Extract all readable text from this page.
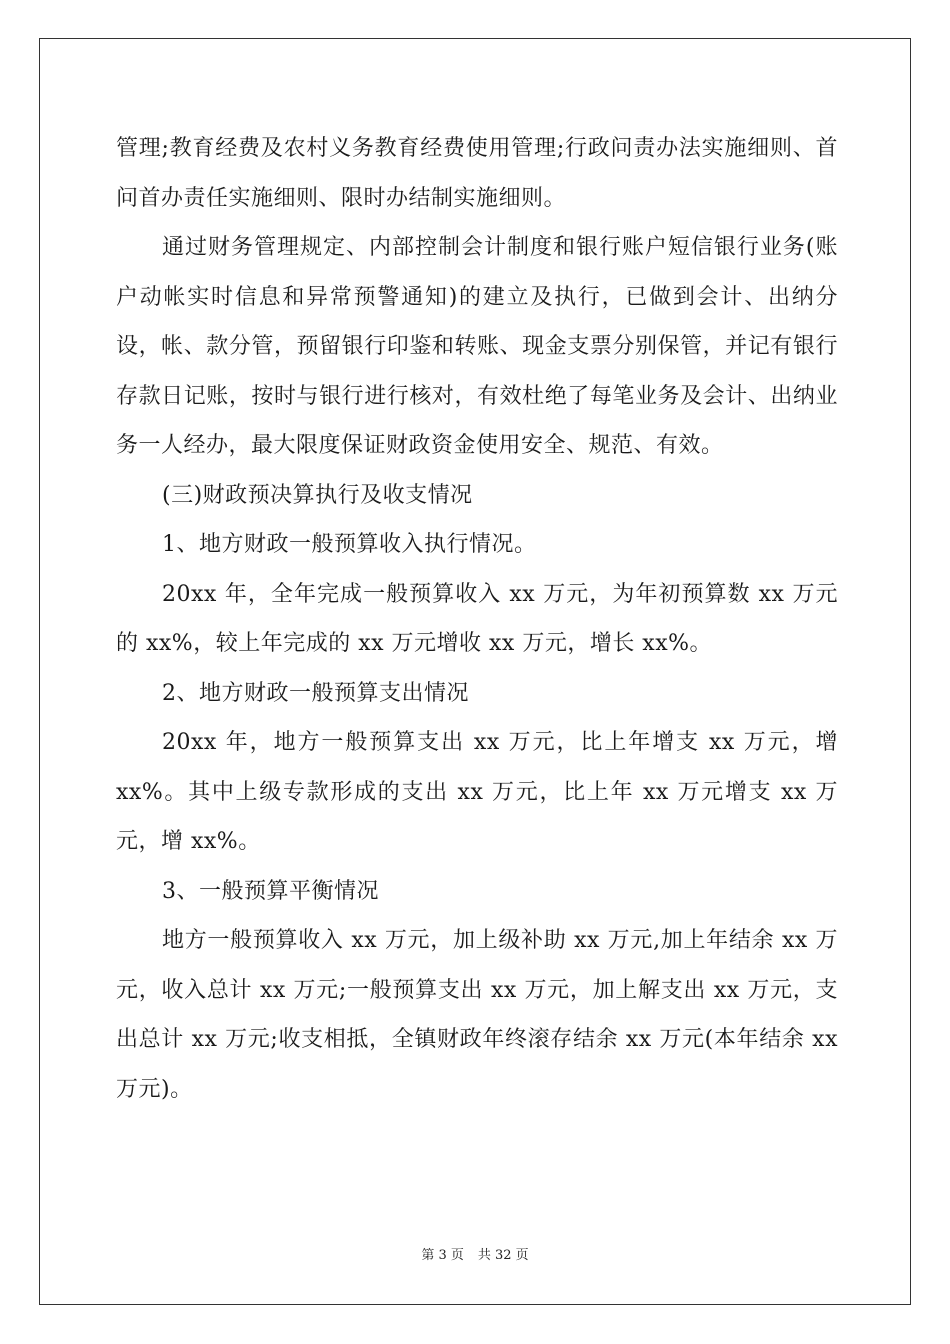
管理;教育经费及农村义务教育经费使用管理;行政问责办法实施细则、首问首办责任实施细则、限时办结制实施细则。

通过财务管理规定、内部控制会计制度和银行账户短信银行业务(账户动帐实时信息和异常预警通知)的建立及执行，已做到会计、出纳分设，帐、款分管，预留银行印鉴和转账、现金支票分别保管，并记有银行存款日记账，按时与银行进行核对，有效杜绝了每笔业务及会计、出纳业务一人经办，最大限度保证财政资金使用安全、规范、有效。

(三)财政预决算执行及收支情况

1、地方财政一般预算收入执行情况。

20xx 年，全年完成一般预算收入 xx 万元，为年初预算数 xx 万元的 xx%，较上年完成的 xx 万元增收 xx 万元，增长 xx%。

2、地方财政一般预算支出情况

20xx 年，地方一般预算支出 xx 万元，比上年增支 xx 万元，增 xx%。其中上级专款形成的支出 xx 万元，比上年 xx 万元增支 xx 万元，增 xx%。

3、一般预算平衡情况

地方一般预算收入 xx 万元，加上级补助 xx 万元,加上年结余 xx 万元，收入总计 xx 万元;一般预算支出 xx 万元，加上解支出 xx 万元，支出总计 xx 万元;收支相抵，全镇财政年终滚存结余 xx 万元(本年结余 xx 万元)。

第 3 页 共 32 页
